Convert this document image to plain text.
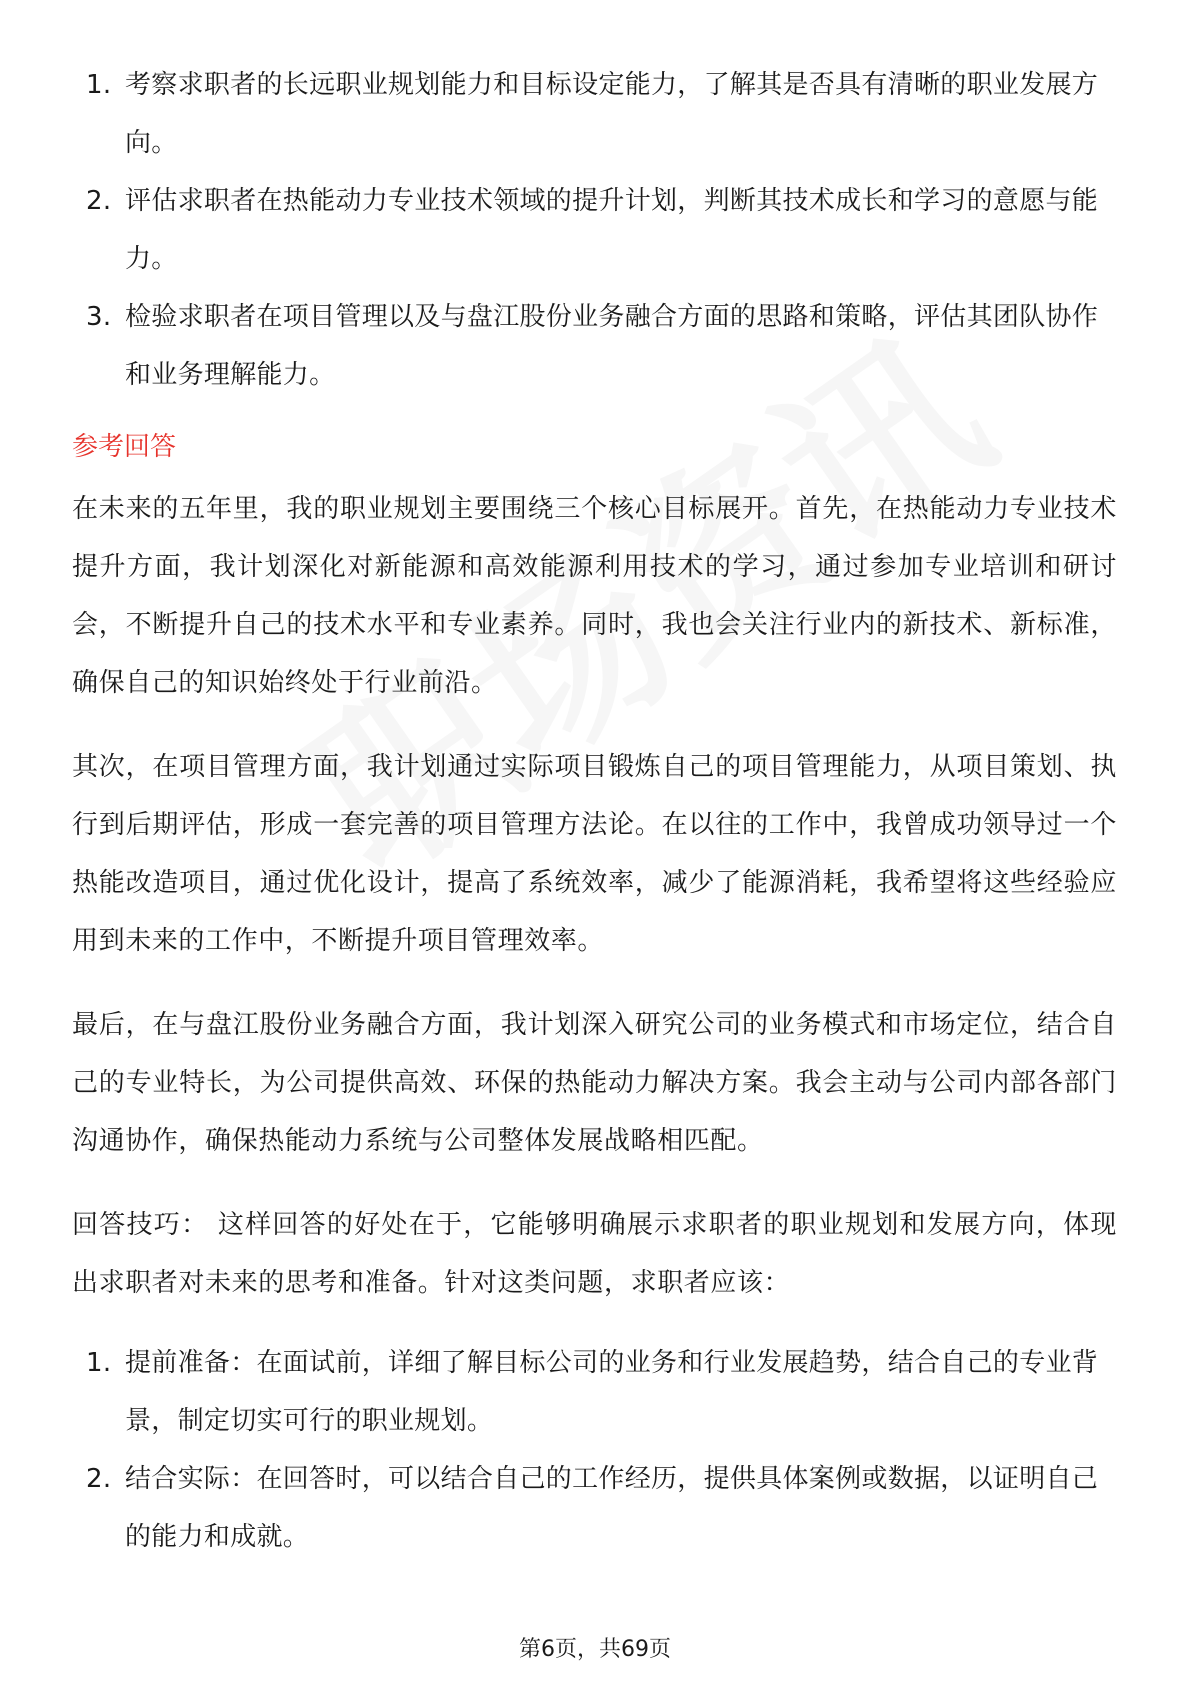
1. 考察求职者的长远职业规划能力和目标设定能力，了解其是否具有清晰的职业发展方向。
2. 评估求职者在热能动力专业技术领域的提升计划，判断其技术成长和学习的意愿与能力。
3. 检验求职者在项目管理以及与盘江股份业务融合方面的思路和策略，评估其团队协作和业务理解能力。
参考回答

在未来的五年里，我的职业规划主要围绕三个核心目标展开。首先，在热能动力专业技术提升方面，我计划深化对新能源和高效能源利用技术的学习，通过参加专业培训和研讨会，不断提升自己的技术水平和专业素养。同时，我也会关注行业内的新技术、新标准，确保自己的知识始终处于行业前沿。

其次，在项目管理方面，我计划通过实际项目锻炼自己的项目管理能力，从项目策划、执行到后期评估，形成一套完善的项目管理方法论。在以往的工作中，我曾成功领导过一个热能改造项目，通过优化设计，提高了系统效率，减少了能源消耗，我希望将这些经验应用到未来的工作中，不断提升项目管理效率。

最后，在与盘江股份业务融合方面，我计划深入研究公司的业务模式和市场定位，结合自己的专业特长，为公司提供高效、环保的热能动力解决方案。我会主动与公司内部各部门沟通协作，确保热能动力系统与公司整体发展战略相匹配。

回答技巧： 这样回答的好处在于，它能够明确展示求职者的职业规划和发展方向，体现出求职者对未来的思考和准备。针对这类问题，求职者应该：

1. 提前准备：在面试前，详细了解目标公司的业务和行业发展趋势，结合自己的专业背景，制定切实可行的职业规划。
2. 结合实际：在回答时，可以结合自己的工作经历，提供具体案例或数据，以证明自己的能力和成就。
第6页，共69页
